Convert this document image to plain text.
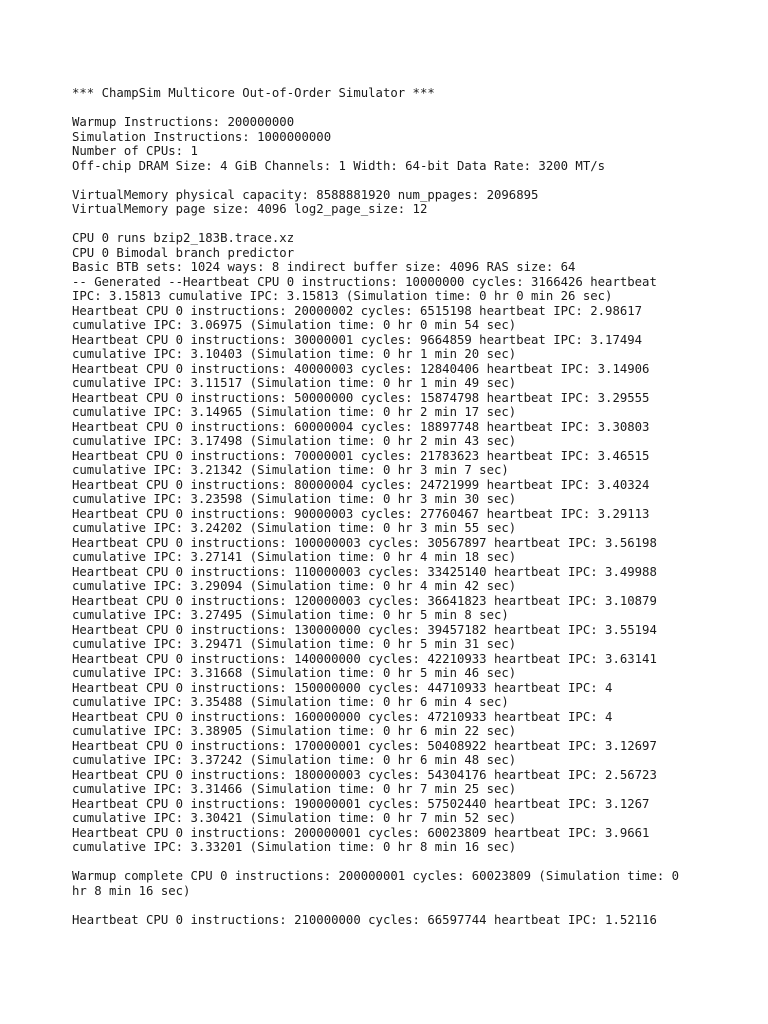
*** ChampSim Multicore Out-of-Order Simulator ***
Warmup Instructions: 200000000
Simulation Instructions: 1000000000
Number of CPUs: 1
Off-chip DRAM Size: 4 GiB Channels: 1 Width: 64-bit Data Rate: 3200 MT/s
VirtualMemory physical capacity: 8588881920 num_ppages: 2096895
VirtualMemory page size: 4096 log2_page_size: 12
CPU 0 runs bzip2_183B.trace.xz
CPU 0 Bimodal branch predictor
Basic BTB sets: 1024 ways: 8 indirect buffer size: 4096 RAS size: 64
-- Generated --Heartbeat CPU 0 instructions: 10000000 cycles: 3166426 heartbeat
IPC: 3.15813 cumulative IPC: 3.15813 (Simulation time: 0 hr 0 min 26 sec)
Heartbeat CPU 0 instructions: 20000002 cycles: 6515198 heartbeat IPC: 2.98617
cumulative IPC: 3.06975 (Simulation time: 0 hr 0 min 54 sec)
Heartbeat CPU 0 instructions: 30000001 cycles: 9664859 heartbeat IPC: 3.17494
cumulative IPC: 3.10403 (Simulation time: 0 hr 1 min 20 sec)
Heartbeat CPU 0 instructions: 40000003 cycles: 12840406 heartbeat IPC: 3.14906
cumulative IPC: 3.11517 (Simulation time: 0 hr 1 min 49 sec)
Heartbeat CPU 0 instructions: 50000000 cycles: 15874798 heartbeat IPC: 3.29555
cumulative IPC: 3.14965 (Simulation time: 0 hr 2 min 17 sec)
Heartbeat CPU 0 instructions: 60000004 cycles: 18897748 heartbeat IPC: 3.30803
cumulative IPC: 3.17498 (Simulation time: 0 hr 2 min 43 sec)
Heartbeat CPU 0 instructions: 70000001 cycles: 21783623 heartbeat IPC: 3.46515
cumulative IPC: 3.21342 (Simulation time: 0 hr 3 min 7 sec)
Heartbeat CPU 0 instructions: 80000004 cycles: 24721999 heartbeat IPC: 3.40324
cumulative IPC: 3.23598 (Simulation time: 0 hr 3 min 30 sec)
Heartbeat CPU 0 instructions: 90000003 cycles: 27760467 heartbeat IPC: 3.29113
cumulative IPC: 3.24202 (Simulation time: 0 hr 3 min 55 sec)
Heartbeat CPU 0 instructions: 100000003 cycles: 30567897 heartbeat IPC: 3.56198
cumulative IPC: 3.27141 (Simulation time: 0 hr 4 min 18 sec)
Heartbeat CPU 0 instructions: 110000003 cycles: 33425140 heartbeat IPC: 3.49988
cumulative IPC: 3.29094 (Simulation time: 0 hr 4 min 42 sec)
Heartbeat CPU 0 instructions: 120000003 cycles: 36641823 heartbeat IPC: 3.10879
cumulative IPC: 3.27495 (Simulation time: 0 hr 5 min 8 sec)
Heartbeat CPU 0 instructions: 130000000 cycles: 39457182 heartbeat IPC: 3.55194
cumulative IPC: 3.29471 (Simulation time: 0 hr 5 min 31 sec)
Heartbeat CPU 0 instructions: 140000000 cycles: 42210933 heartbeat IPC: 3.63141
cumulative IPC: 3.31668 (Simulation time: 0 hr 5 min 46 sec)
Heartbeat CPU 0 instructions: 150000000 cycles: 44710933 heartbeat IPC: 4
cumulative IPC: 3.35488 (Simulation time: 0 hr 6 min 4 sec)
Heartbeat CPU 0 instructions: 160000000 cycles: 47210933 heartbeat IPC: 4
cumulative IPC: 3.38905 (Simulation time: 0 hr 6 min 22 sec)
Heartbeat CPU 0 instructions: 170000001 cycles: 50408922 heartbeat IPC: 3.12697
cumulative IPC: 3.37242 (Simulation time: 0 hr 6 min 48 sec)
Heartbeat CPU 0 instructions: 180000003 cycles: 54304176 heartbeat IPC: 2.56723
cumulative IPC: 3.31466 (Simulation time: 0 hr 7 min 25 sec)
Heartbeat CPU 0 instructions: 190000001 cycles: 57502440 heartbeat IPC: 3.1267
cumulative IPC: 3.30421 (Simulation time: 0 hr 7 min 52 sec)
Heartbeat CPU 0 instructions: 200000001 cycles: 60023809 heartbeat IPC: 3.9661
cumulative IPC: 3.33201 (Simulation time: 0 hr 8 min 16 sec)
Warmup complete CPU 0 instructions: 200000001 cycles: 60023809 (Simulation time: 0
hr 8 min 16 sec)
Heartbeat CPU 0 instructions: 210000000 cycles: 66597744 heartbeat IPC: 1.52116
